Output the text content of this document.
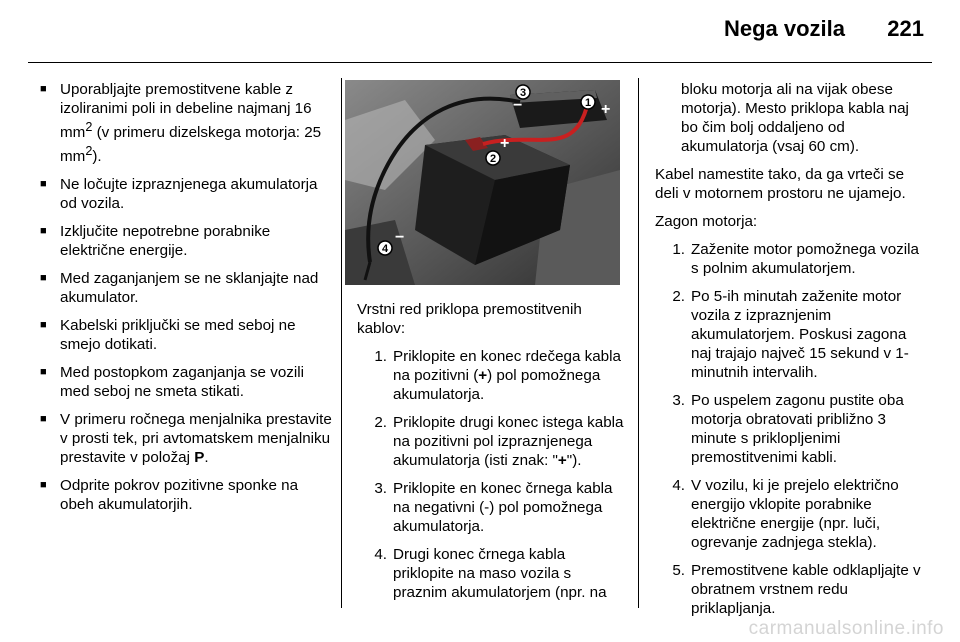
Nega vozila 221
■ Uporabljajte premostitvene kable z izoliranimi poli in debeline najmanj 16 $mm^2$ (v primeru dizelskega motorja: 25 $mm^2$).
■ Ne ločujte izpraznjenega akumulatorja od vozila.
■ Izključite nepotrebne porabnike električne energije.
■ Med zaganjanjem se ne sklanjajte nad akumulator.
■ Kabelski priključki se med seboj ne smejo dotikati.
■ Med postopkom zaganjanja se vozili med seboj ne smeta stikati.
■ V primeru ročnega menjalnika prestavite v prosti tek, pri avtomatskem menjalniku prestavite v položaj P.
■ Odprite pokrov pozitivne sponke na obeh akumulatorjih.
1
2
3
4
+
+
−
−
Vrstni red priklopa premostitvenih kablov:
1. Priklopite en konec rdečega kabla na pozitivni (+) pol pomožnega akumulatorja.
2. Priklopite drugi konec istega kabla na pozitivni pol izpraznjenega akumulatorja (isti znak: "+").
3. Priklopite en konec črnega kabla na negativni (-) pol pomožnega akumulatorja.
4. Drugi konec črnega kabla priklopite na maso vozila s praznim akumulatorjem (npr. na
bloku motorja ali na vijak obese motorja). Mesto priklopa kabla naj bo čim bolj oddaljeno od akumulatorja (vsaj 60 cm).
Kabel namestite tako, da ga vrteči se deli v motornem prostoru ne ujamejo.
Zagon motorja:
1. Zaženite motor pomožnega vozila s polnim akumulatorjem.
2. Po 5-ih minutah zaženite motor vozila z izpraznjenim akumulatorjem. Poskusi zagona naj trajajo največ 15 sekund v 1-minutnih intervalih.
3. Po uspelem zagonu pustite oba motorja obratovati približno 3 minute s priklopljenimi premostitvenimi kabli.
4. V vozilu, ki je prejelo električno energijo vklopite porabnike električne energije (npr. luči, ogrevanje zadnjega stekla).
5. Premostitvene kable odklapljajte v obratnem vrstnem redu priklapljanja.
carmanualsonline.info
